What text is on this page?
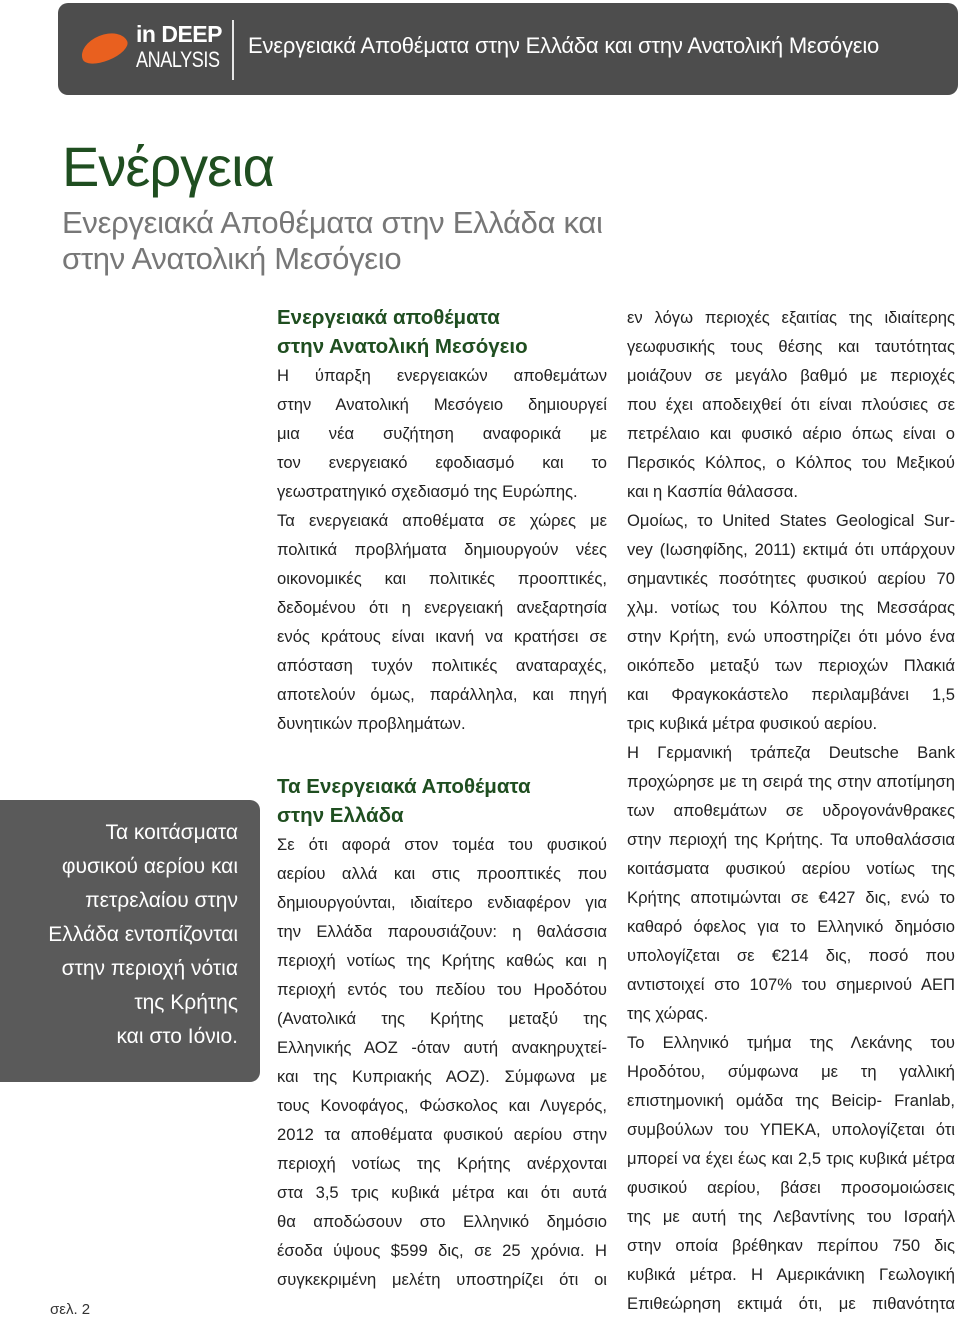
in DEEP
ANALYSIS
Ενεργειακά Αποθέματα στην Ελλάδα και στην Ανατολική Μεσόγειο
Ενέργεια
Ενεργειακά Αποθέματα στην Ελλάδα και
στην Ανατολική Μεσόγειο
Τα κοιτάσματα
φυσικού αερίου και
πετρελαίου στην
Ελλάδα εντοπίζονται
στην περιοχή νότια
της Κρήτης
και στο Ιόνιο.
σελ. 2
Ενεργειακά αποθέματα
στην Ανατολική Μεσόγειο
Η ύπαρξη ενεργειακών αποθεμάτων
στην Ανατολική Μεσόγειο δημιουργεί
μια νέα συζήτηση αναφορικά με
τον ενεργειακό εφοδιασμό και το
γεωστρατηγικό σχεδιασμό της Ευρώπης.
Τα ενεργειακά αποθέματα σε χώρες με
πολιτικά προβλήματα δημιουργούν νέες
οικονομικές και πολιτικές προοπτικές,
δεδομένου ότι η ενεργειακή ανεξαρτησία
ενός κράτους είναι ικανή να κρατήσει σε
απόσταση τυχόν πολιτικές αναταραχές,
αποτελούν όμως, παράλληλα, και πηγή
δυνητικών προβλημάτων.
Τα Ενεργειακά Αποθέματα
στην Ελλάδα
Σε ότι αφορά στον τομέα του φυσικού
αερίου αλλά και στις προοπτικές που
δημιουργούνται, ιδιαίτερο ενδιαφέρον για
την Ελλάδα παρουσιάζουν: η θαλάσσια
περιοχή νοτίως της Κρήτης καθώς και η
περιοχή εντός του πεδίου του Ηροδότου
(Ανατολικά της Κρήτης μεταξύ της
Ελληνικής ΑΟΖ -όταν αυτή ανακηρυχτεί-
και της Κυπριακής ΑΟΖ). Σύμφωνα με
τους Κονοφάγος, Φώσκολος και Λυγερός,
2012 τα αποθέματα φυσικού αερίου στην
περιοχή νοτίως της Κρήτης ανέρχονται
στα 3,5 τρις κυβικά μέτρα και ότι αυτά
θα αποδώσουν στο Ελληνικό δημόσιο
έσοδα ύψους $599 δις, σε 25 χρόνια. Η
συγκεκριμένη μελέτη υποστηρίζει ότι οι
εν λόγω περιοχές εξαιτίας της ιδιαίτερης
γεωφυσικής τους θέσης και ταυτότητας
μοιάζουν σε μεγάλο βαθμό με περιοχές
που έχει αποδειχθεί ότι είναι πλούσιες σε
πετρέλαιο και φυσικό αέριο όπως είναι ο
Περσικός Κόλπος, ο Κόλπος του Μεξικού
και η Κασπία θάλασσα.
Ομοίως, το United States Geological Sur-
vey (Ιωσηφίδης, 2011) εκτιμά ότι υπάρχουν
σημαντικές ποσότητες φυσικού αερίου 70
χλμ. νοτίως του Κόλπου της Μεσσάρας
στην Κρήτη, ενώ υποστηρίζει ότι μόνο ένα
οικόπεδο μεταξύ των περιοχών Πλακιά
και Φραγκοκάστελο περιλαμβάνει 1,5
τρις κυβικά μέτρα φυσικού αερίου.
Η Γερμανική τράπεζα Deutsche Bank
προχώρησε με τη σειρά της στην αποτίμηση
των αποθεμάτων σε υδρογονάνθρακες
στην περιοχή της Κρήτης. Τα υποθαλάσσια
κοιτάσματα φυσικού αερίου νοτίως της
Κρήτης αποτιμώνται σε €427 δις, ενώ το
καθαρό όφελος για το Ελληνικό δημόσιο
υπολογίζεται σε €214 δις, ποσό που
αντιστοιχεί στο 107% του σημερινού ΑΕΠ
της χώρας.
Το Ελληνικό τμήμα της Λεκάνης του
Ηροδότου, σύμφωνα με τη γαλλική
επιστημονική ομάδα της Beicip- Franlab,
συμβούλων του ΥΠΕΚΑ, υπολογίζεται ότι
μπορεί να έχει έως και 2,5 τρις κυβικά μέτρα
φυσικού αερίου, βάσει προσομοιώσεις
της με αυτή της Λεβαντίνης του Ισραήλ
στην οποία βρέθηκαν περίπου 750 δις
κυβικά μέτρα. Η Αμερικάνικη Γεωλογική
Επιθεώρηση εκτιμά ότι, με πιθανότητα
